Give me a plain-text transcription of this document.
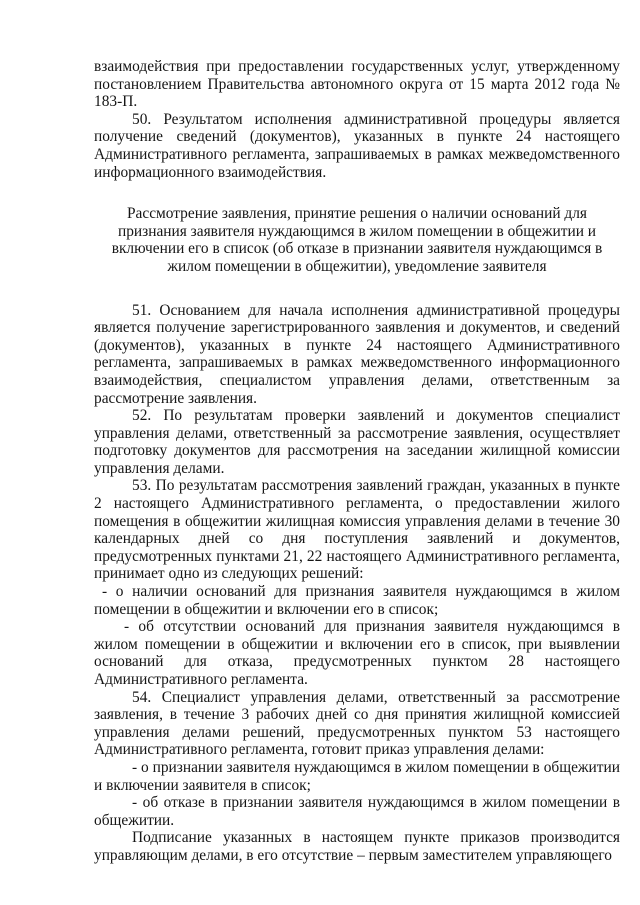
взаимодействия при предоставлении государственных услуг, утвержденному постановлением Правительства автономного округа от 15 марта 2012 года № 183-П.

50. Результатом исполнения административной процедуры является получение сведений (документов), указанных в пункте 24 настоящего Административного регламента, запрашиваемых в рамках межведомственного информационного взаимодействия.

Рассмотрение заявления, принятие решения о наличии оснований для признания заявителя нуждающимся в жилом помещении в общежитии и включении его в список (об отказе в признании заявителя нуждающимся в жилом помещении в общежитии), уведомление заявителя

51. Основанием для начала исполнения административной процедуры является получение зарегистрированного заявления и документов, и сведений (документов), указанных в пункте 24 настоящего Административного регламента, запрашиваемых в рамках межведомственного информационного взаимодействия, специалистом управления делами, ответственным за рассмотрение заявления.

52. По результатам проверки заявлений и документов специалист управления делами, ответственный за рассмотрение заявления, осуществляет подготовку документов для рассмотрения на заседании жилищной комиссии управления делами.

53. По результатам рассмотрения заявлений граждан, указанных в пункте 2 настоящего Административного регламента, о предоставлении жилого помещения в общежитии жилищная комиссия управления делами в течение 30 календарных дней со дня поступления заявлений и документов, предусмотренных пунктами 21, 22 настоящего Административного регламента, принимает одно из следующих решений:

- о наличии оснований для признания заявителя нуждающимся в жилом помещении в общежитии и включении его в список;

- об отсутствии оснований для признания заявителя нуждающимся в жилом помещении в общежитии и включении его в список, при выявлении оснований для отказа, предусмотренных пунктом 28 настоящего Административного регламента.

54. Специалист управления делами, ответственный за рассмотрение заявления, в течение 3 рабочих дней со дня принятия жилищной комиссией управления делами решений, предусмотренных пунктом 53 настоящего Административного регламента, готовит приказ управления делами:

- о признании заявителя нуждающимся в жилом помещении в общежитии и включении заявителя в список;

- об отказе в признании заявителя нуждающимся в жилом помещении в общежитии.

Подписание указанных в настоящем пункте приказов производится управляющим делами, в его отсутствие – первым заместителем управляющего
